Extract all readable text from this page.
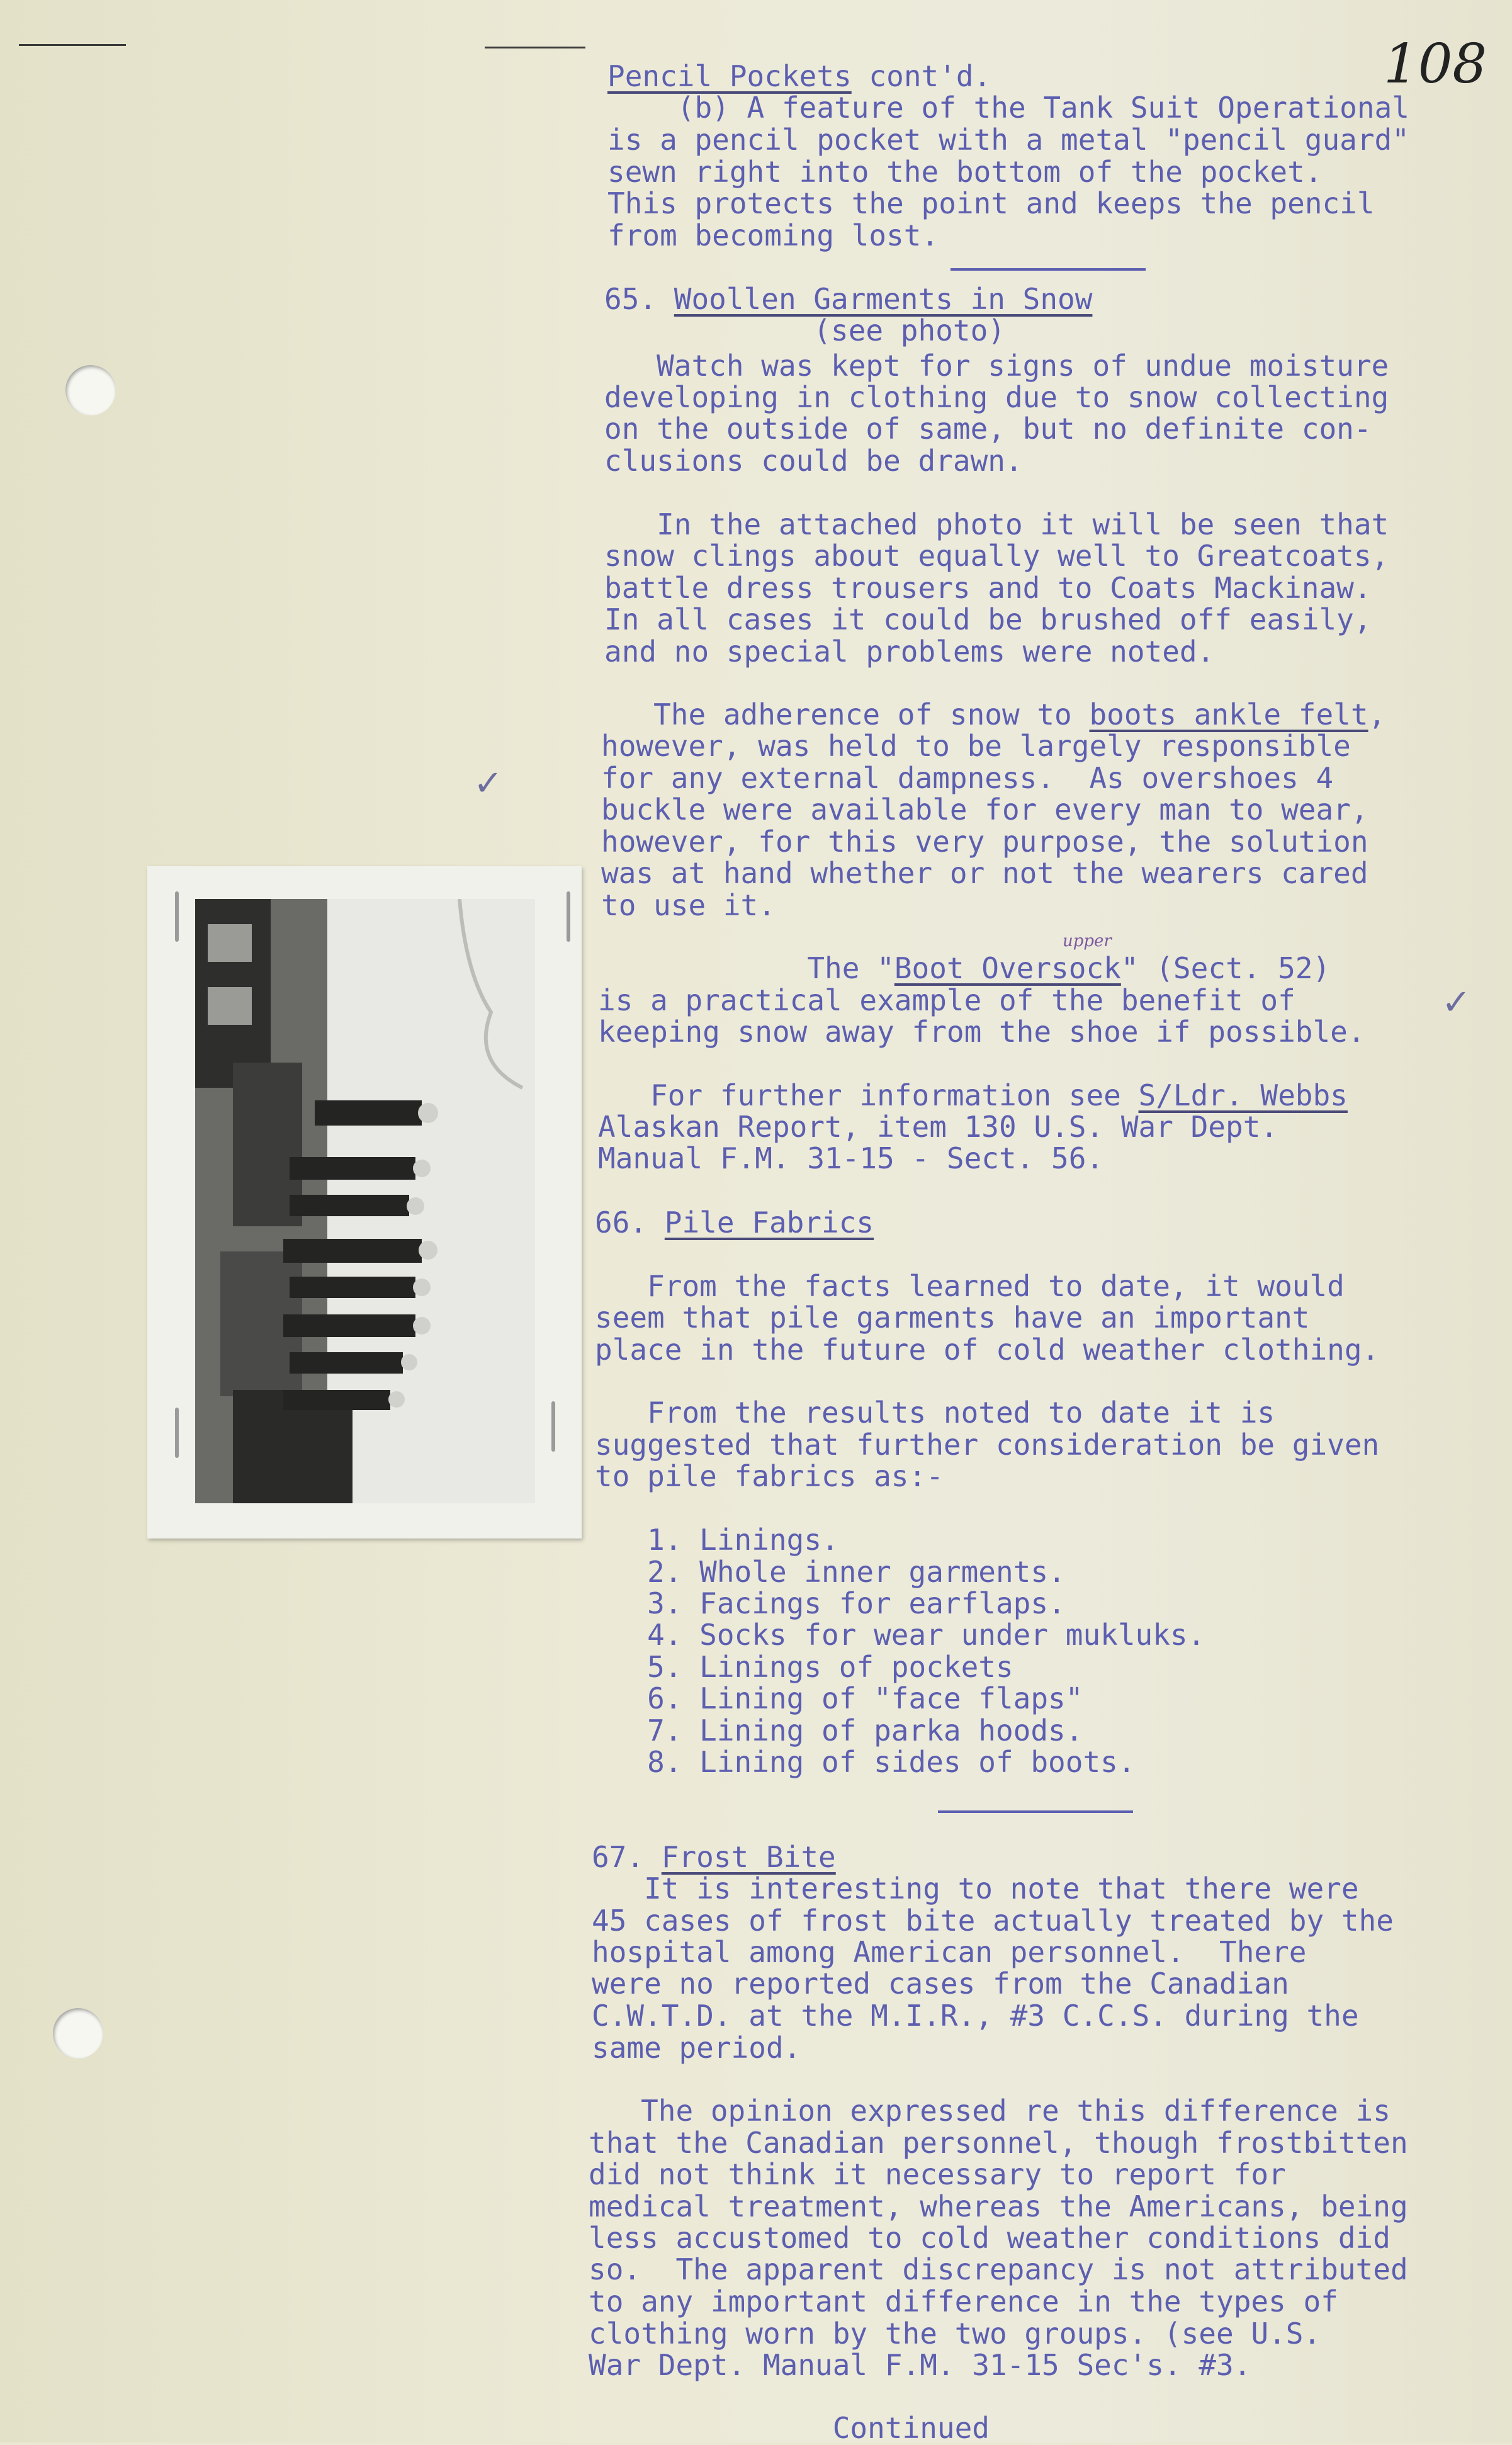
108
Pencil Pockets cont'd.
(b) A feature of the Tank Suit Operational
is a pencil pocket with a metal "pencil guard"
sewn right into the bottom of the pocket.
This protects the point and keeps the pencil
from becoming lost.
65. Woollen Garments in Snow
(see photo)
Watch was kept for signs of undue moisture
developing in clothing due to snow collecting
on the outside of same, but no definite con-
clusions could be drawn.
In the attached photo it will be seen that
snow clings about equally well to Greatcoats,
battle dress trousers and to Coats Mackinaw.
In all cases it could be brushed off easily,
and no special problems were noted.
The adherence of snow to boots ankle felt,
however, was held to be largely responsible
for any external dampness.  As overshoes 4
buckle were available for every man to wear,
however, for this very purpose, the solution
was at hand whether or not the wearers cared
to use it.
The "Boot Oversock" (Sect. 52)
is a practical example of the benefit of
keeping snow away from the shoe if possible.
For further information see S/Ldr. Webbs
Alaskan Report, item 130 U.S. War Dept.
Manual F.M. 31-15 - Sect. 56.
66. Pile Fabrics
From the facts learned to date, it would
seem that pile garments have an important
place in the future of cold weather clothing.
From the results noted to date it is
suggested that further consideration be given
to pile fabrics as:-
1. Linings.
2. Whole inner garments.
3. Facings for earflaps.
4. Socks for wear under mukluks.
5. Linings of pockets
6. Lining of "face flaps"
7. Lining of parka hoods.
8. Lining of sides of boots.
67. Frost Bite
It is interesting to note that there were
45 cases of frost bite actually treated by the
hospital among American personnel.  There
were no reported cases from the Canadian
C.W.T.D. at the M.I.R., #3 C.C.S. during the
same period.
The opinion expressed re this difference is
that the Canadian personnel, though frostbitten
did not think it necessary to report for
medical treatment, whereas the Americans, being
less accustomed to cold weather conditions did
so.  The apparent discrepancy is not attributed
to any important difference in the types of
clothing worn by the two groups. (see U.S.
War Dept. Manual F.M. 31-15 Sec's. #3.
Continued
✓
✓
upper
